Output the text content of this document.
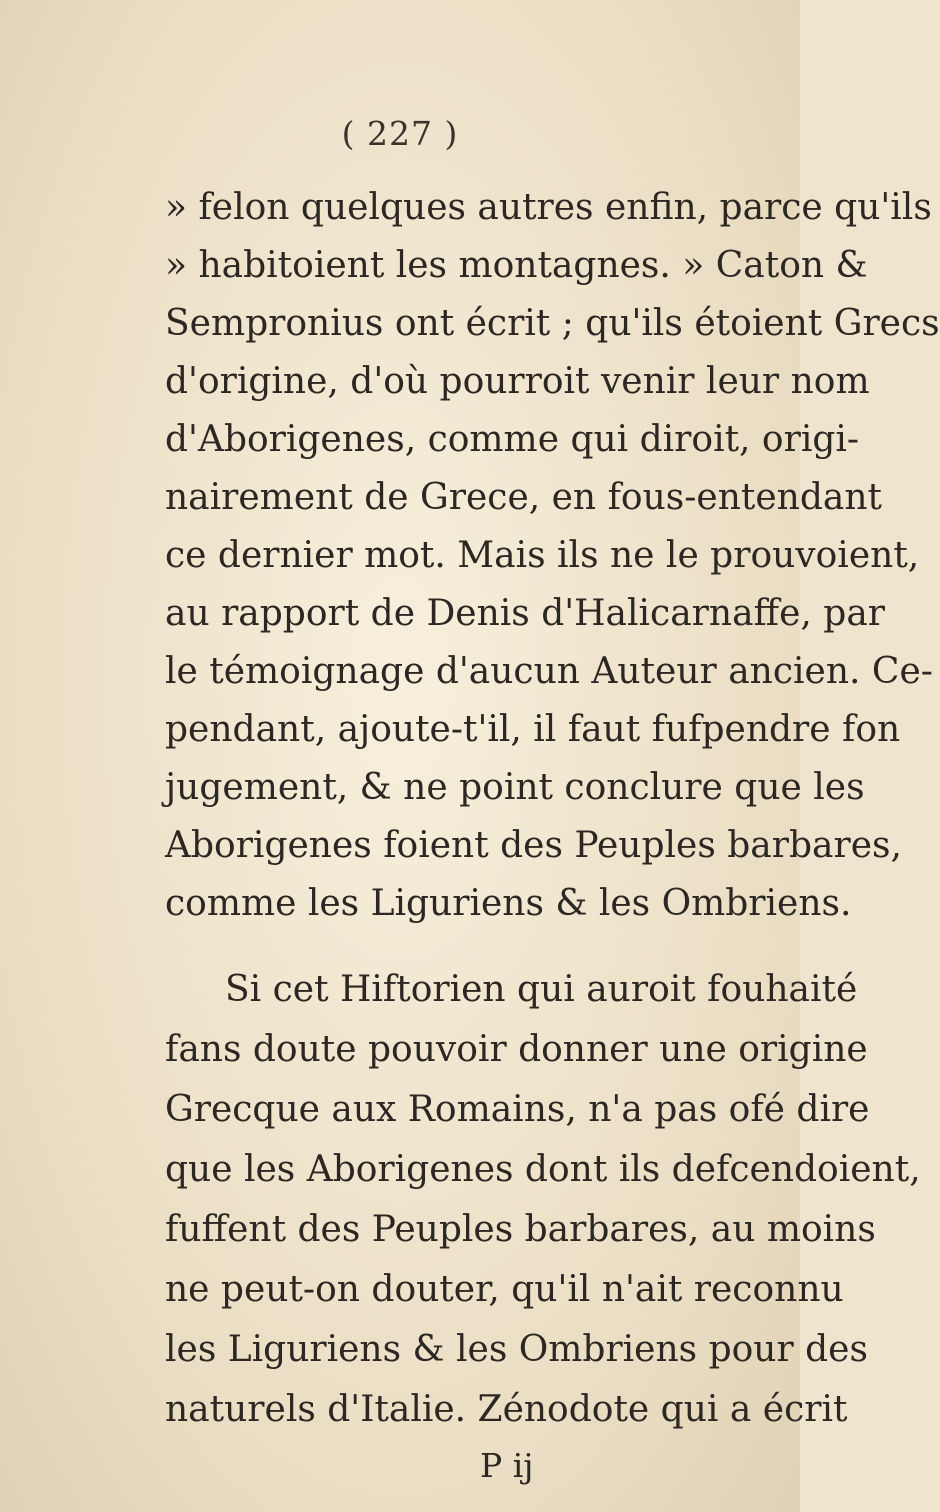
( 227 )
» felon quelques autres enfin, parce qu'ils
» habitoient les montagnes. » Caton &
Sempronius ont écrit ; qu'ils étoient Grecs
d'origine, d'où pourroit venir leur nom
d'Aborigenes, comme qui diroit, origi-
nairement de Grece, en fous-entendant
ce dernier mot. Mais ils ne le prouvoient,
au rapport de Denis d'Halicarnaffe, par
le témoignage d'aucun Auteur ancien. Ce-
pendant, ajoute-t'il, il faut fufpendre fon
jugement, & ne point conclure que les
Aborigenes foient des Peuples barbares,
comme les Liguriens & les Ombriens.
Si cet Hiftorien qui auroit fouhaité
fans doute pouvoir donner une origine
Grecque aux Romains, n'a pas ofé dire
que les Aborigenes dont ils defcendoient,
fuffent des Peuples barbares, au moins
ne peut-on douter, qu'il n'ait reconnu
les Liguriens & les Ombriens pour des
naturels d'Italie. Zénodote qui a écrit
P ij
